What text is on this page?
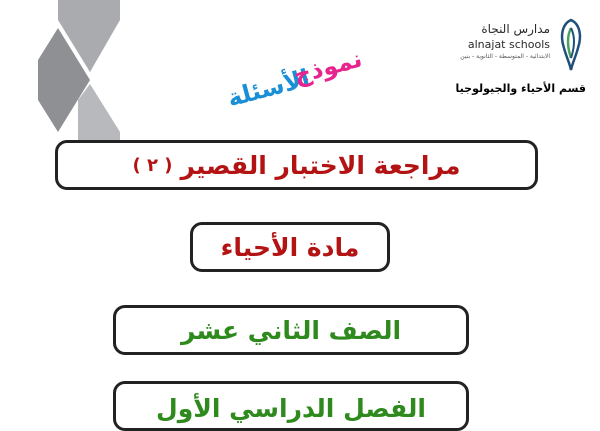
مدارس النجاة
alnajat schools
الابتدائية - المتوسطة - الثانوية - بنين
قسم الأحياء والجيولوجيا
الأسئلة
نموذج
مراجعة الاختبار القصير
( ٢ )
مادة الأحياء
الصف الثاني عشر
الفصل الدراسي الأول
